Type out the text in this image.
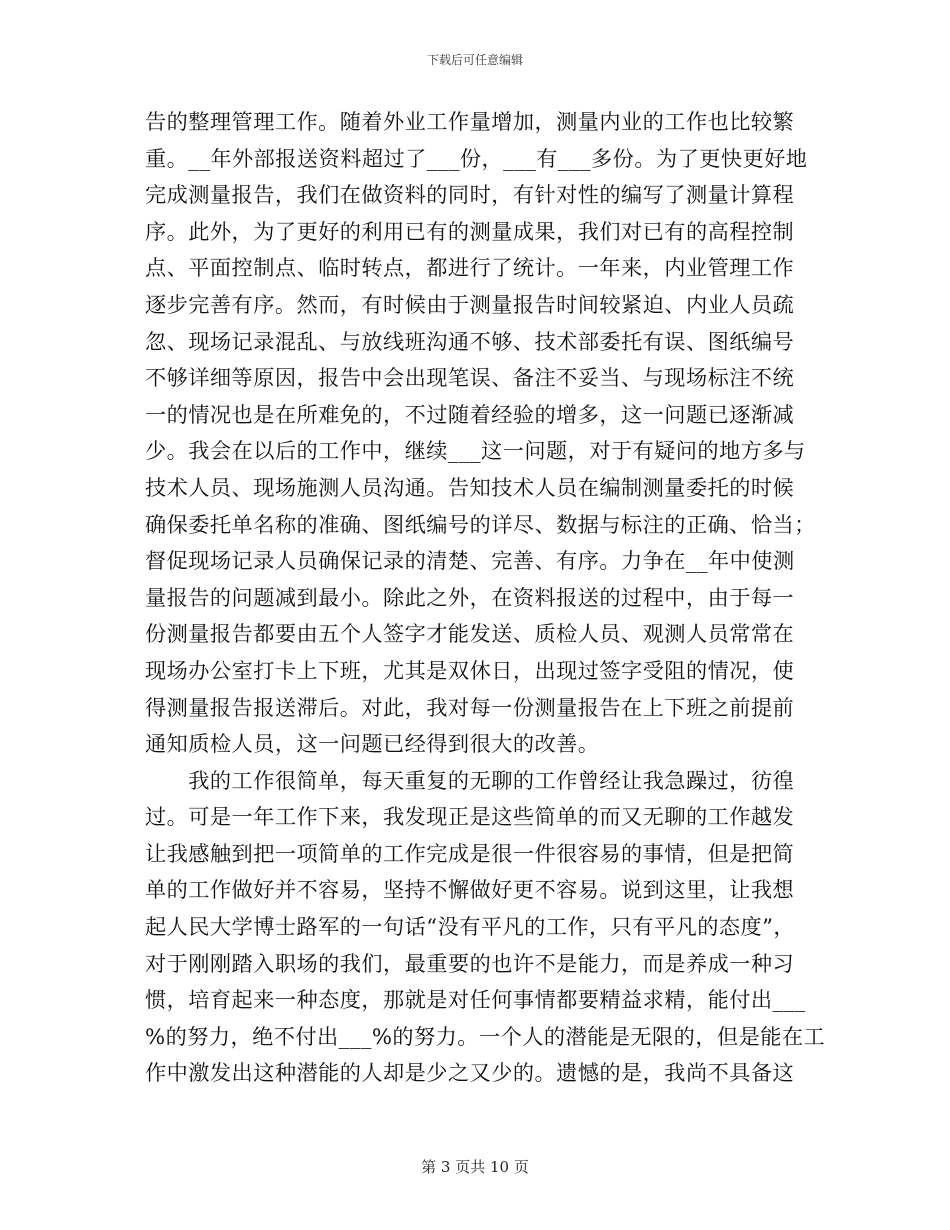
下载后可任意编辑
告的整理管理工作。随着外业工作量增加，测量内业的工作也比较繁
重。__年外部报送资料超过了___份，___有___多份。为了更快更好地
完成测量报告，我们在做资料的同时，有针对性的编写了测量计算程
序。此外，为了更好的利用已有的测量成果，我们对已有的高程控制
点、平面控制点、临时转点，都进行了统计。一年来，内业管理工作
逐步完善有序。然而，有时候由于测量报告时间较紧迫、内业人员疏
忽、现场记录混乱、与放线班沟通不够、技术部委托有误、图纸编号
不够详细等原因，报告中会出现笔误、备注不妥当、与现场标注不统
一的情况也是在所难免的，不过随着经验的增多，这一问题已逐渐减
少。我会在以后的工作中，继续___这一问题，对于有疑问的地方多与
技术人员、现场施测人员沟通。告知技术人员在编制测量委托的时候
确保委托单名称的准确、图纸编号的详尽、数据与标注的正确、恰当；
督促现场记录人员确保记录的清楚、完善、有序。力争在__年中使测
量报告的问题减到最小。除此之外，在资料报送的过程中，由于每一
份测量报告都要由五个人签字才能发送、质检人员、观测人员常常在
现场办公室打卡上下班，尤其是双休日，出现过签字受阻的情况，使
得测量报告报送滞后。对此，我对每一份测量报告在上下班之前提前
通知质检人员，这一问题已经得到很大的改善。
　　我的工作很简单，每天重复的无聊的工作曾经让我急躁过，彷徨
过。可是一年工作下来，我发现正是这些简单的而又无聊的工作越发
让我感触到把一项简单的工作完成是很一件很容易的事情，但是把简
单的工作做好并不容易，坚持不懈做好更不容易。说到这里，让我想
起人民大学博士路军的一句话“没有平凡的工作，只有平凡的态度”，
对于刚刚踏入职场的我们，最重要的也许不是能力，而是养成一种习
惯，培育起来一种态度，那就是对任何事情都要精益求精，能付出___
%的努力，绝不付出___%的努力。一个人的潜能是无限的，但是能在工
作中激发出这种潜能的人却是少之又少的。遗憾的是，我尚不具备这
第 3 页共 10 页
